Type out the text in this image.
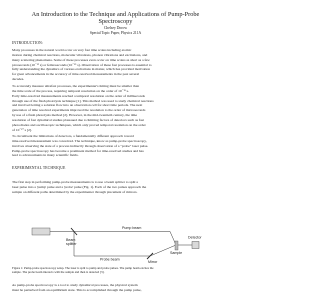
An Introduction to the Technique and Applications of Pump-Probe Spectroscopy
Chelsey Dorow
Special Topic Paper, Physics 211A
INTRODUCTION:
Many processes in the natural world occur on very fast time scales including atomic
motion during chemical reactions, molecular vibrations, phonon vibrations and excitations, and
many scattering phenomena. Some of these processes even occur on time scales as short as a few
picoseconds (10⁻¹² s) or femtoseconds (10⁻¹⁵ s). Observation of these fast processes is essential to
fully understanding the dynamics of various excitations in matter, which has provided motivation
for great advancements in the accuracy of time-resolved measurements in the past several
decades.
To accurately measure ultrafast processes, the experimenter's timing must be smaller than
the time scale of the process, requiring temporal resolution on the order of 10⁻¹³ s.
Early time-resolved measurements reached a temporal resolution on the order of milliseconds
through use of the flash photolysis technique [1]. This method was used to study chemical reactions
and involved letting a solution flow into an observation cell for short time periods. The next
generation of time resolved experiments improved the resolution to the order of microseconds
by use of a flash photolysis method [2]. However, in the mid-twentieth century, the time
resolution of fast dynamical studies plateaued due to limiting factors of detectors such as fast
photodiodes and oscilloscopic techniques, which only proved temporal resolution on the order
of 10⁻¹⁰ s [2].
To circumvent the limitations of detectors, a fundamentally different approach toward
time-resolved measurement was conceived. The technique, know as pump-probe spectroscopy,
involves observing the state of a process indirectly through observation of a "probe" laser pulse.
Pump-probe spectroscopy has become a prominent method for time-resolved studies and has
lead to advancements in many scientific fields.
EXPERIMENTAL TECHNIQUE
The first step in performing pump-probe measurements is to use a beam splitter to split a
laser pulse into a 'pump' pulse and a 'probe' pulse (Fig. 1). Each of the two pulses approach the
sample on different paths determined by the experimenter through placement of mirrors.
Beam splitter
Pump beam
Probe beam
Mirror
Sample
Detector
Figure 1: Pump-probe spectroscopy setup. The laser is split to pump and probe pulses. The pump beam excites the
sample. The probe beam interacts with the sample and then is detected [3].
As pump-probe spectroscopy is a tool to study dynamical processes, the physical system
must be perturbed from an equilibrium state. This is accomplished through the pump pulse,
